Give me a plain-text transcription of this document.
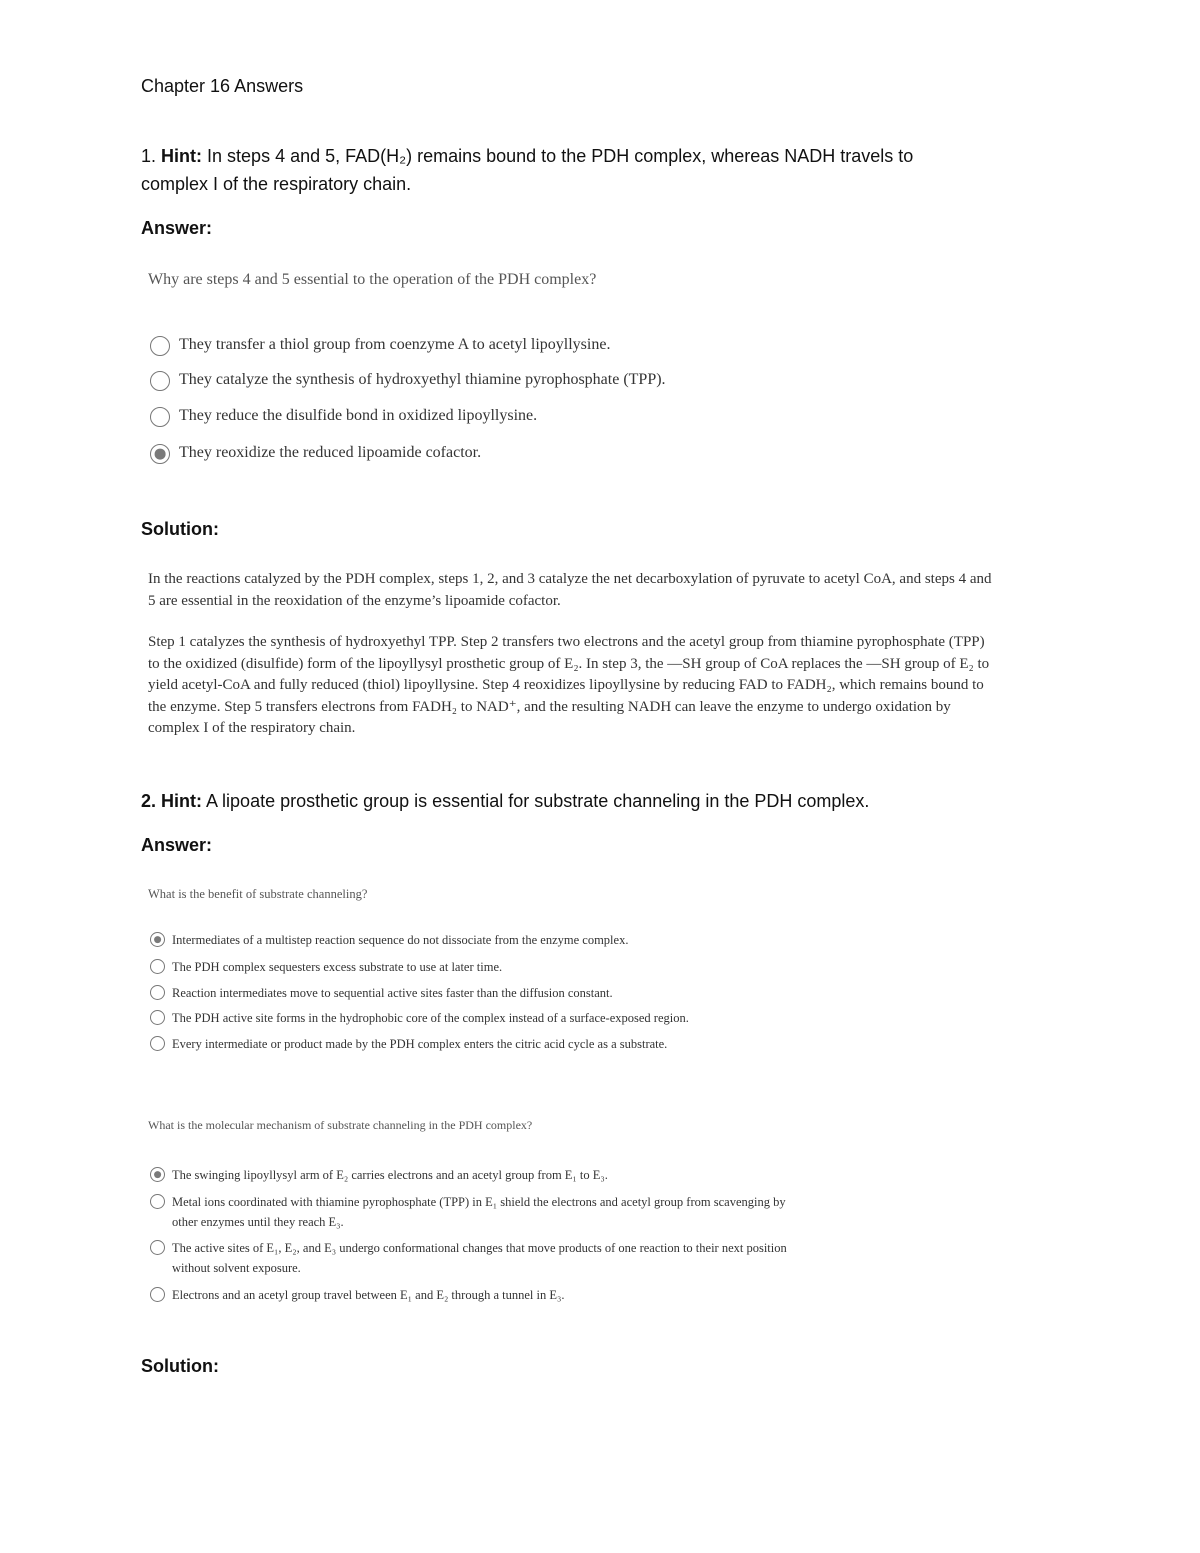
Chapter 16 Answers
1. Hint: In steps 4 and 5, FAD(H₂) remains bound to the PDH complex, whereas NADH travels to
complex I of the respiratory chain.
Answer:
Why are steps 4 and 5 essential to the operation of the PDH complex?
They transfer a thiol group from coenzyme A to acetyl lipoyllysine.
They catalyze the synthesis of hydroxyethyl thiamine pyrophosphate (TPP).
They reduce the disulfide bond in oxidized lipoyllysine.
They reoxidize the reduced lipoamide cofactor.
Solution:
In the reactions catalyzed by the PDH complex, steps 1, 2, and 3 catalyze the net decarboxylation of pyruvate to acetyl CoA, and steps 4 and 5 are essential in the reoxidation of the enzyme’s lipoamide cofactor.
Step 1 catalyzes the synthesis of hydroxyethyl TPP. Step 2 transfers two electrons and the acetyl group from thiamine pyrophosphate (TPP) to the oxidized (disulfide) form of the lipoyllysyl prosthetic group of E₂. In step 3, the —SH group of CoA replaces the —SH group of E₂ to yield acetyl-CoA and fully reduced (thiol) lipoyllysine. Step 4 reoxidizes lipoyllysine by reducing FAD to FADH₂, which remains bound to the enzyme. Step 5 transfers electrons from FADH₂ to NAD⁺, and the resulting NADH can leave the enzyme to undergo oxidation by complex I of the respiratory chain.
2. Hint: A lipoate prosthetic group is essential for substrate channeling in the PDH complex.
Answer:
What is the benefit of substrate channeling?
Intermediates of a multistep reaction sequence do not dissociate from the enzyme complex.
The PDH complex sequesters excess substrate to use at later time.
Reaction intermediates move to sequential active sites faster than the diffusion constant.
The PDH active site forms in the hydrophobic core of the complex instead of a surface-exposed region.
Every intermediate or product made by the PDH complex enters the citric acid cycle as a substrate.
What is the molecular mechanism of substrate channeling in the PDH complex?
The swinging lipoyllysyl arm of E₂ carries electrons and an acetyl group from E₁ to E₃.
Metal ions coordinated with thiamine pyrophosphate (TPP) in E₁ shield the electrons and acetyl group from scavenging by other enzymes until they reach E₃.
The active sites of E₁, E₂, and E₃ undergo conformational changes that move products of one reaction to their next position without solvent exposure.
Electrons and an acetyl group travel between E₁ and E₂ through a tunnel in E₃.
Solution:
